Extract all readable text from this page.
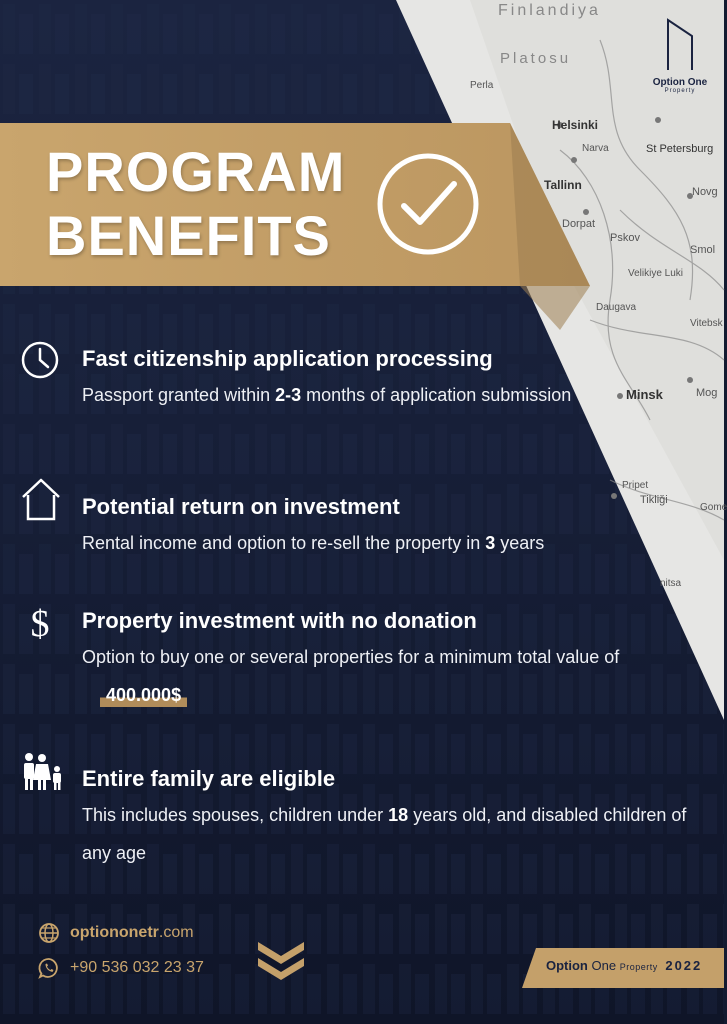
Finlandiya
Platosu
Perla
Helsinki
Tallinn
Narva	St Petersburg
Novg
Dorpat
Pskov
Velikiye Luki
Smol
Daugava
Vitebsk
Minsk	Mog
Pripet
Tikliği
Gome
nitsa
Option One
Property
PROGRAM
BENEFITS
Fast citizenship application processing
Passport granted within 2-3 months of application submission
Potential return on investment
Rental income and option to re-sell the property in 3 years
$ Property investment with no donation
Option to buy one or several properties for a minimum total value of400.000$
Entire family are eligible
This includes spouses, children under 18 years old, and disabled children of any age
optiononetr .com
+90 536 032 23 37	Option One Property 2022
